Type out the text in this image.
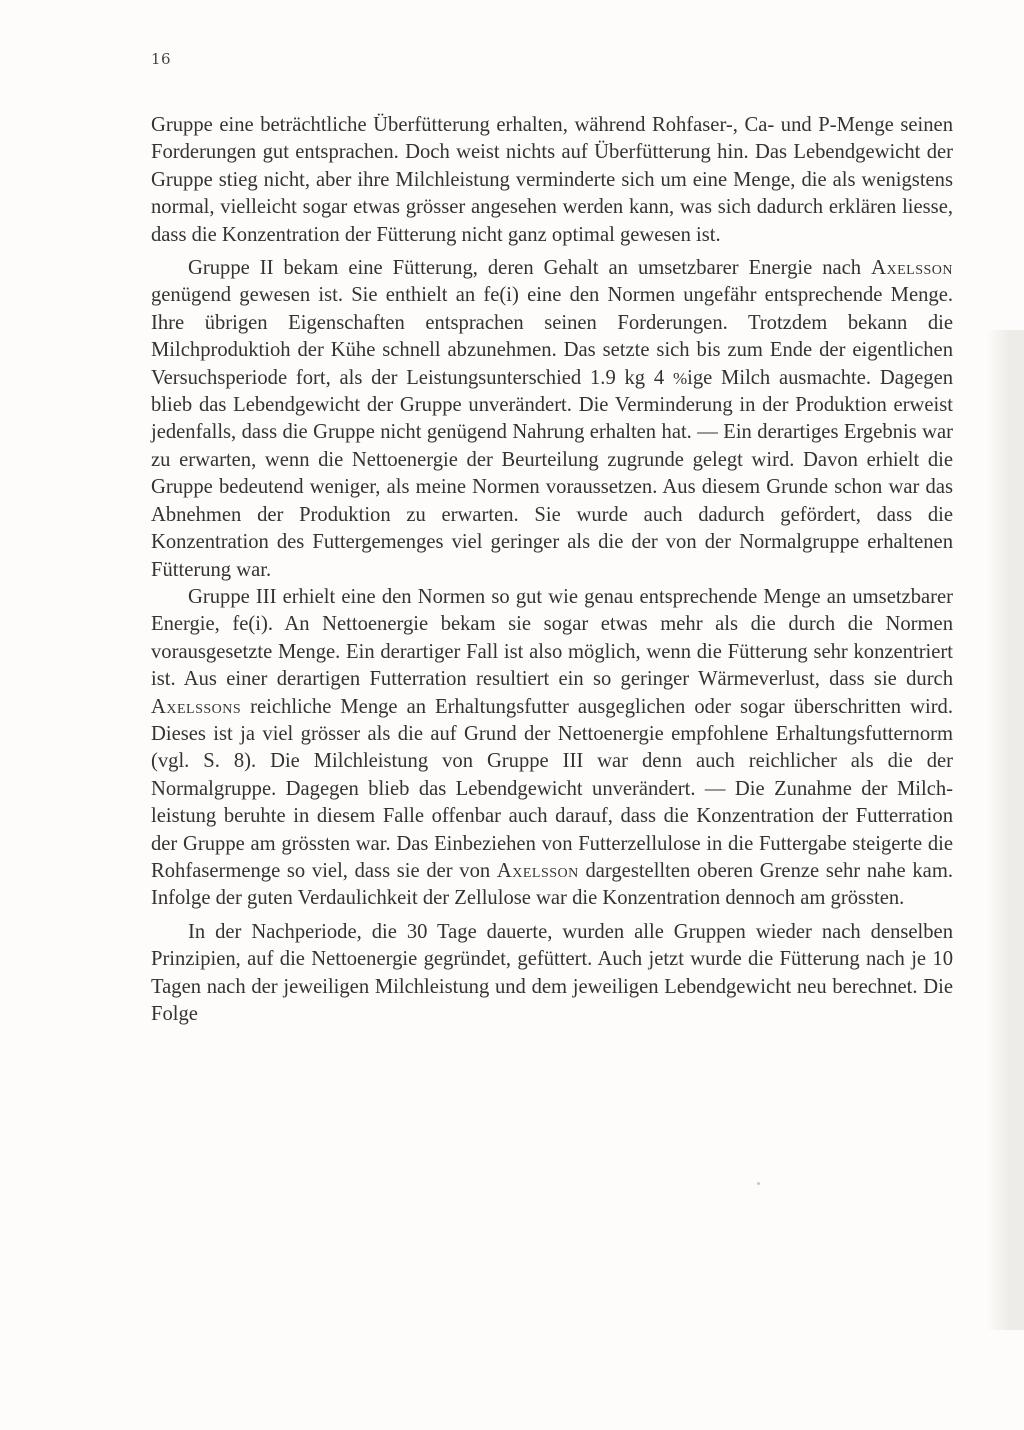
16

Gruppe eine beträchtliche Überfütterung erhalten, während Rohfaser-, Ca- und P-Menge seinen Forderungen gut entsprachen. Doch weist nichts auf Überfütterung hin. Das Lebendgewicht der Gruppe stieg nicht, aber ihre Milchleistung verminderte sich um eine Menge, die als wenigstens normal, vielleicht sogar etwas grösser angesehen werden kann, was sich dadurch erklären liesse, dass die Konzentration der Fütterung nicht ganz optimal gewesen ist.

Gruppe II bekam eine Fütterung, deren Gehalt an umsetzbarer Energie nach Axelsson genügend gewesen ist. Sie enthielt an fe(i) eine den Normen ungefähr entsprechende Menge. Ihre übrigen Eigenschaften entsprachen seinen Forderungen. Trotzdem bekann die Milchproduktioh der Kühe schnell abzunehmen. Das setzte sich bis zum Ende der eigentlichen Versuchsperiode fort, als der Leistungsunterschied 1.9 kg 4 %ige Milch ausmachte. Dagegen blieb das Lebendgewicht der Gruppe unverändert. Die Verminderung in der Produktion erweist jedenfalls, dass die Gruppe nicht genügend Nahrung erhalten hat. — Ein derartiges Ergebnis war zu erwarten, wenn die Nettoenergie der Beurteilung zugrunde gelegt wird. Davon erhielt die Gruppe bedeutend weniger, als meine Normen voraussetzen. Aus diesem Grunde schon war das Abnehmen der Produktion zu erwarten. Sie wurde auch dadurch gefördert, dass die Konzentration des Futtergemenges viel geringer als die der von der Normalgruppe erhaltenen Fütterung war.

Gruppe III erhielt eine den Normen so gut wie genau entsprechende Menge an umsetzbarer Energie, fe(i). An Nettoenergie bekam sie sogar etwas mehr als die durch die Normen vorausgesetzte Menge. Ein derartiger Fall ist also möglich, wenn die Fütterung sehr konzentriert ist. Aus einer derartigen Futterration resultiert ein so geringer Wärmeverlust, dass sie durch Axelssons reichliche Menge an Erhaltungsfutter ausgeglichen oder sogar überschritten wird. Dieses ist ja viel grösser als die auf Grund der Nettoenergie empfohlene Erhaltungsfutternorm (vgl. S. 8). Die Milchleistung von Gruppe III war denn auch reichlicher als die der Normalgruppe. Dagegen blieb das Lebendgewicht unverändert. — Die Zunahme der Milchleistung beruhte in diesem Falle offenbar auch darauf, dass die Konzentration der Futterration der Gruppe am grössten war. Das Einbeziehen von Futterzellulose in die Futtergabe steigerte die Rohfasermenge so viel, dass sie der von Axelsson dargestellten oberen Grenze sehr nahe kam. Infolge der guten Verdaulichkeit der Zellulose war die Konzentration dennoch am grössten.

In der Nachperiode, die 30 Tage dauerte, wurden alle Gruppen wieder nach denselben Prinzipien, auf die Nettoenergie gegründet, gefüttert. Auch jetzt wurde die Fütterung nach je 10 Tagen nach der jeweiligen Milchleistung und dem jeweiligen Lebendgewicht neu berechnet. Die Folge
